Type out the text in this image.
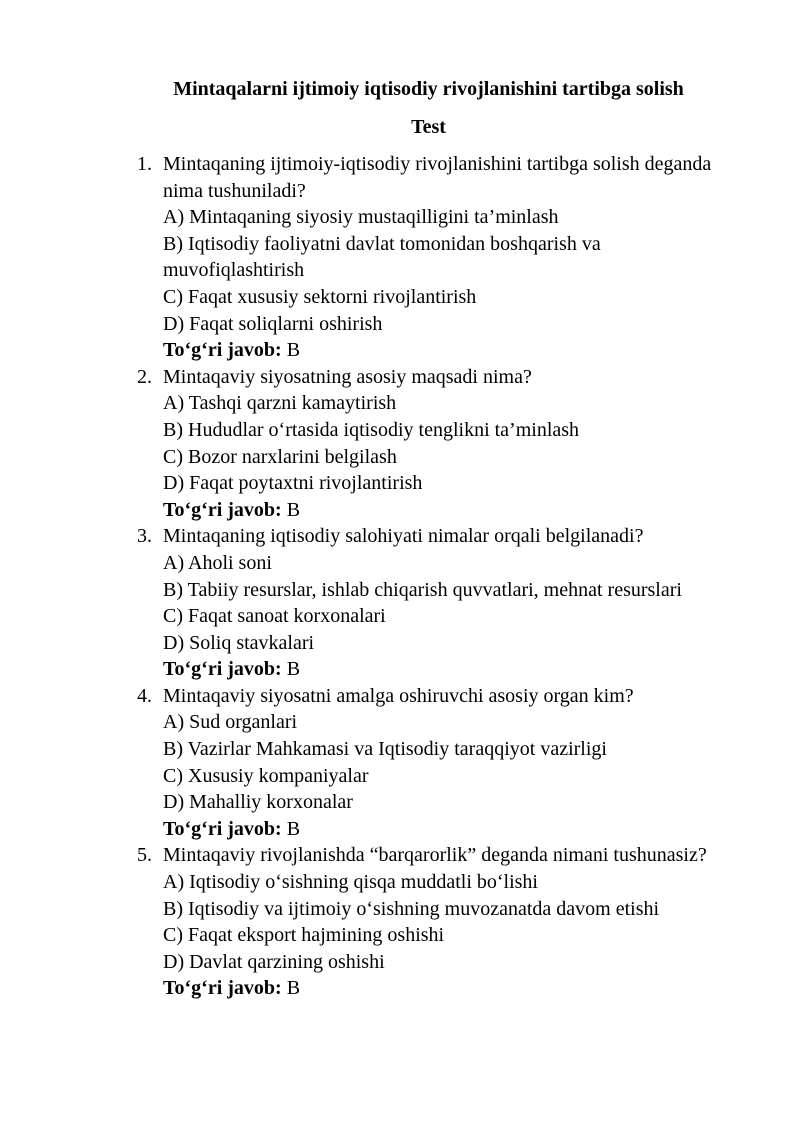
Mintaqalarni ijtimoiy iqtisodiy rivojlanishini tartibga solish
Test
1. Mintaqaning ijtimoiy-iqtisodiy rivojlanishini tartibga solish deganda nima tushuniladi?
A) Mintaqaning siyosiy mustaqilligini ta’minlash
B) Iqtisodiy faoliyatni davlat tomonidan boshqarish va muvofiqlashtirish
C) Faqat xususiy sektorni rivojlantirish
D) Faqat soliqlarni oshirish
To‘g‘ri javob: B
2. Mintaqaviy siyosatning asosiy maqsadi nima?
A) Tashqi qarzni kamaytirish
B) Hududlar o‘rtasida iqtisodiy tenglikni ta’minlash
C) Bozor narxlarini belgilash
D) Faqat poytaxtni rivojlantirish
To‘g‘ri javob: B
3. Mintaqaning iqtisodiy salohiyati nimalar orqali belgilanadi?
A) Aholi soni
B) Tabiiy resurslar, ishlab chiqarish quvvatlari, mehnat resurslari
C) Faqat sanoat korxonalari
D) Soliq stavkalari
To‘g‘ri javob: B
4. Mintaqaviy siyosatni amalga oshiruvchi asosiy organ kim?
A) Sud organlari
B) Vazirlar Mahkamasi va Iqtisodiy taraqqiyot vazirligi
C) Xususiy kompaniyalar
D) Mahalliy korxonalar
To‘g‘ri javob: B
5. Mintaqaviy rivojlanishda “barqarorlik” deganda nimani tushunasiz?
A) Iqtisodiy o‘sishning qisqa muddatli bo‘lishi
B) Iqtisodiy va ijtimoiy o‘sishning muvozanatda davom etishi
C) Faqat eksport hajmining oshishi
D) Davlat qarzining oshishi
To‘g‘ri javob: B
